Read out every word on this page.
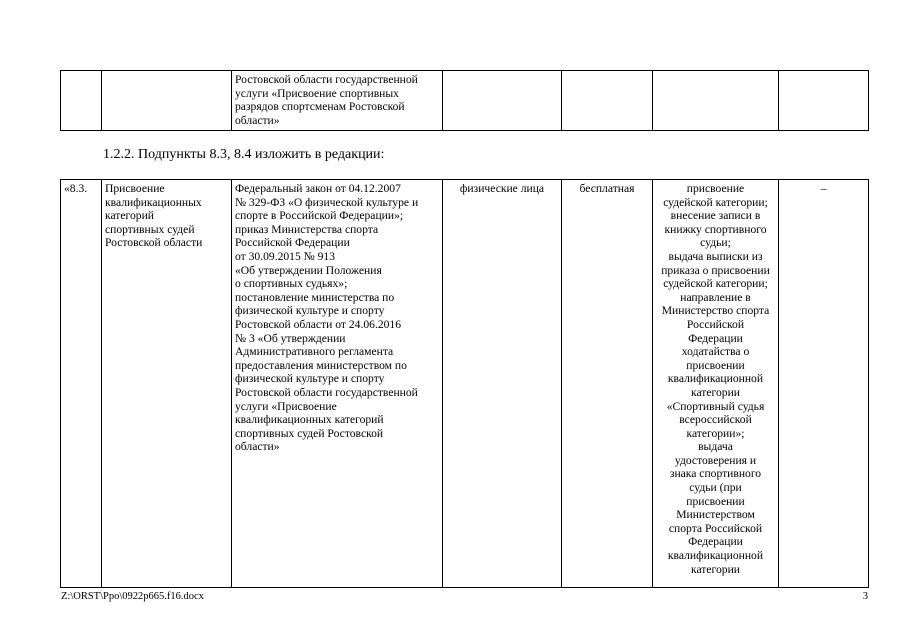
		Ростовской области государственной
услуги «Присвоение спортивных
разрядов спортсменам Ростовской
области»				
1.2.2. Подпункты 8.3, 8.4 изложить в редакции:
«8.3.	Присвоение
квалификационных
категорий
спортивных судей
Ростовской области	Федеральный закон от 04.12.2007
№ 329-ФЗ «О физической культуре и
спорте в Российской Федерации»;
приказ Министерства спорта
Российской Федерации
от 30.09.2015 № 913
«Об утверждении Положения
о спортивных судьях»;
постановление министерства по
физической культуре и спорту
Ростовской области от 24.06.2016
№ 3 «Об утверждении
Административного регламента
предоставления министерством по
физической культуре и спорту
Ростовской области государственной
услуги «Присвоение
квалификационных категорий
спортивных судей Ростовской
области»	физические лица	бесплатная	присвоение
судейской категории;
внесение записи в
книжку спортивного
судьи;
выдача выписки из
приказа о присвоении
судейской категории;
направление в
Министерство спорта
Российской
Федерации
ходатайства о
присвоении
квалификационной
категории
«Спортивный судья
всероссийской
категории»;
выдача
удостоверения и
знака спортивного
судьи (при
присвоении
Министерством
спорта Российской
Федерации
квалификационной
категории	–
Z:\ORST\Ppo\0922p665.f16.docx	3
